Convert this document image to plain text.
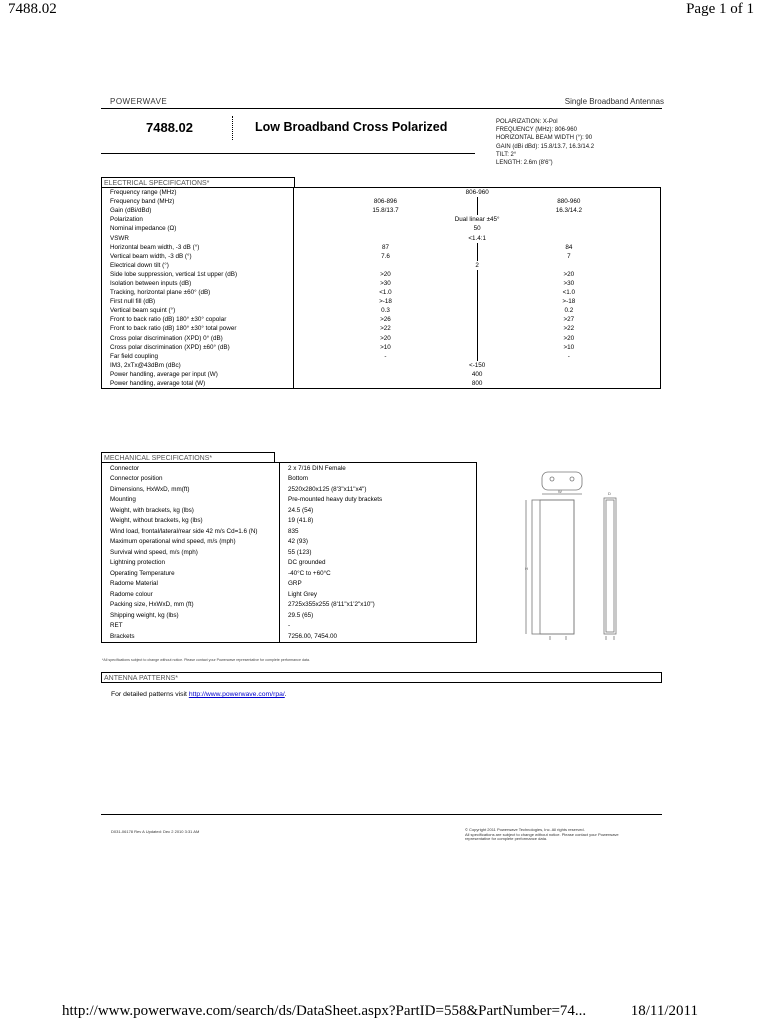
7488.02	Page 1 of 1
http://www.powerwave.com/search/ds/DataSheet.aspx?PartID=558&PartNumber=74...	18/11/2011
POWERWAVE	Single Broadband Antennas
7488.02	Low Broadband Cross Polarized	POLARIZATION: X-Pol
FREQUENCY (MHz): 806-960
HORIZONTAL BEAM WIDTH (°): 90
GAIN (dBi dBd): 15.8/13.7, 16.3/14.2
TILT: 2°
LENGTH: 2.6m (8'6")
ELECTRICAL SPECIFICATIONS*
Frequency range (MHz)	806-960	
Frequency band (MHz)	806-896	880-960
Gain (dBi/dBd)	15.8/13.7	16.3/14.2
Polarization	Dual linear ±45°	
Nominal impedance (Ω)	50	
VSWR	<1.4:1	
Horizontal beam width, -3 dB (°)	87	84
Vertical beam width, -3 dB (°)	7.6	7
Electrical down tilt (°)	2	
Side lobe suppression, vertical 1st upper (dB)	>20	>20
Isolation between inputs (dB)	>30	>30
Tracking, horizontal plane ±60° (dB)	<1.0	<1.0
First null fill (dB)	>-18	>-18
Vertical beam squint (°)	0.3	0.2
Front to back ratio (dB) 180° ±30° copolar	>26	>27
Front to back ratio (dB) 180° ±30° total power	>22	>22
Cross polar discrimination (XPD) 0° (dB)	>20	>20
Cross polar discrimination (XPD) ±60° (dB)	>10	>10
Far field coupling	-	-
IM3, 2xTx@43dBm (dBc)	<-150	
Power handling, average per input (W)	400	
Power handling, average total (W)	800	
MECHANICAL SPECIFICATIONS*
Connector	2 x 7/16 DIN Female
Connector position	Bottom
Dimensions, HxWxD, mm(ft)	2520x280x125 (8'3"x11"x4")
Mounting	Pre-mounted heavy duty brackets
Weight, with brackets, kg (lbs)	24.5 (54)
Weight, without brackets, kg (lbs)	19 (41.8)
Wind load, frontal/lateral/rear side 42 m/s Cd=1.6 (N)	835
Maximum operational wind speed, m/s (mph)	42 (93)
Survival wind speed, m/s (mph)	55 (123)
Lightning protection	DC grounded
Operating Temperature	-40°C to +60°C
Radome Material	GRP
Radome colour	Light Grey
Packing size, HxWxD, mm (ft)	2725x355x255 (8'11"x1'2"x10")
Shipping weight, kg (lbs)	29.5 (65)
RET	-
Brackets	7256.00, 7454.00
W	D
H
*All specifications subject to change without notice. Please contact your Powerwave representative for complete performance data.
ANTENNA PATTERNS*
For detailed patterns visit http://www.powerwave.com/rpa/.
D031-06178 Rev A Updated: Dec 2 2010 3:31 AM	© Copyright 2011 Powerwave Technologies, Inc. All rights reserved.
All specifications are subject to change without notice. Please contact your Powerwave
representative for complete performance data.
